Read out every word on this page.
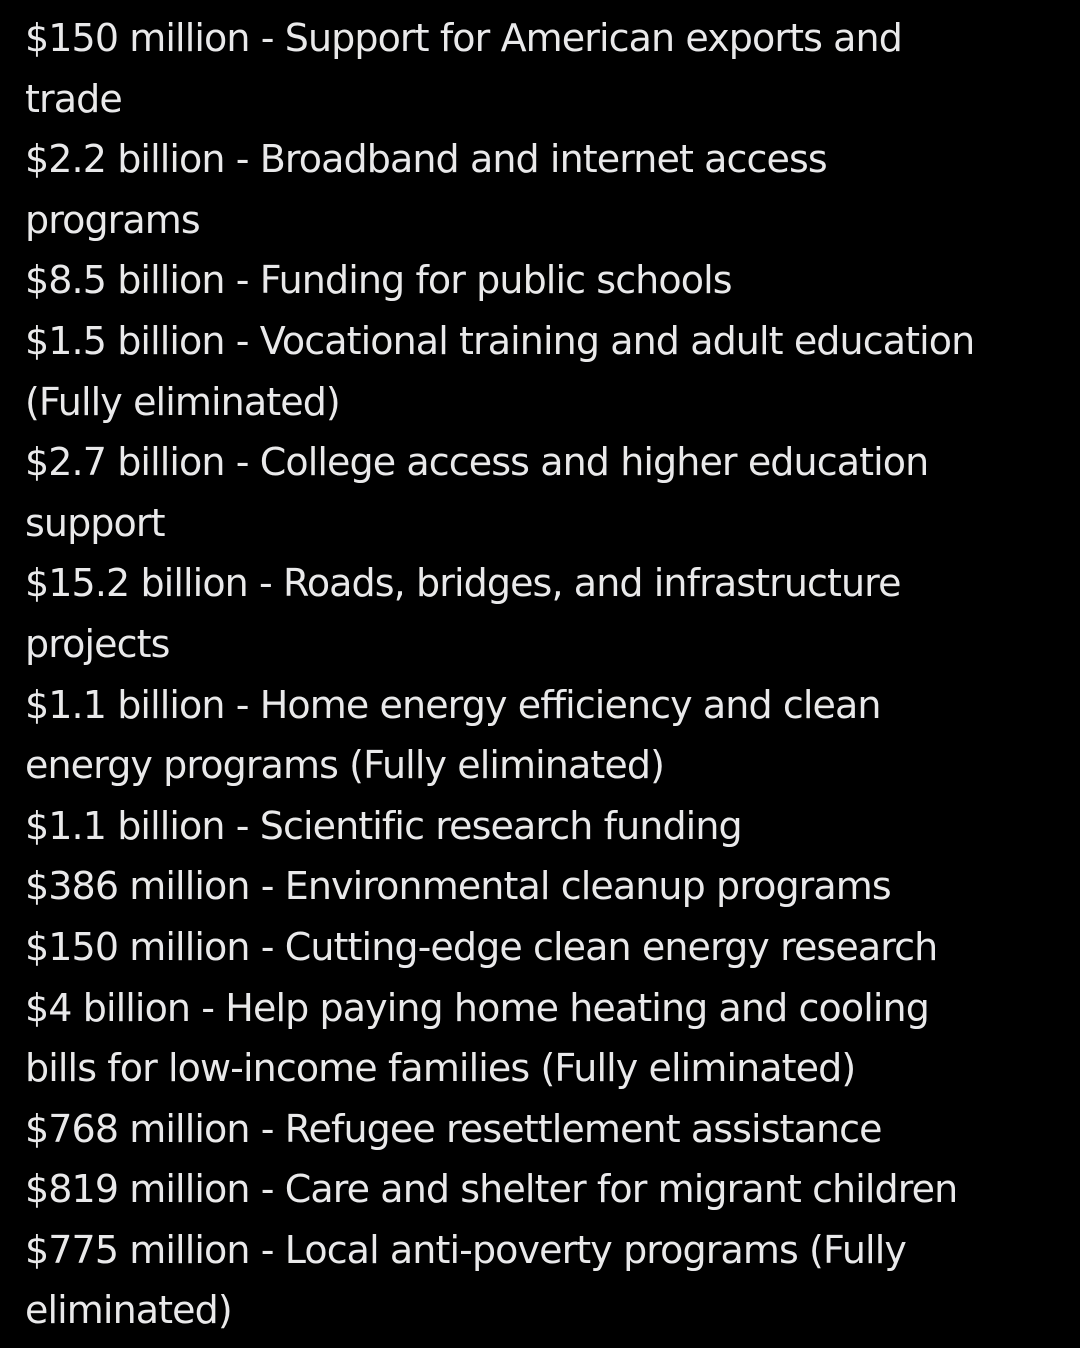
$150 million - Support for American exports and

trade

$2.2 billion - Broadband and internet access

programs

$8.5 billion - Funding for public schools

$1.5 billion - Vocational training and adult education

(Fully eliminated)

$2.7 billion - College access and higher education

support

$15.2 billion - Roads, bridges, and infrastructure

projects

$1.1 billion - Home energy efficiency and clean

energy programs (Fully eliminated)

$1.1 billion - Scientific research funding

$386 million - Environmental cleanup programs

$150 million - Cutting-edge clean energy research

$4 billion - Help paying home heating and cooling

bills for low-income families (Fully eliminated)

$768 million - Refugee resettlement assistance

$819 million - Care and shelter for migrant children

$775 million - Local anti-poverty programs (Fully

eliminated)
